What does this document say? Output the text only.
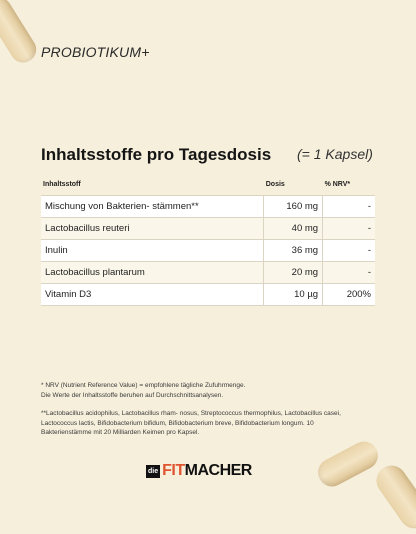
PROBIOTIKUM+
Inhaltsstoffe pro Tagesdosis (= 1 Kapsel)
Inhaltsstoff	Dosis	% NRV*
Mischung von Bakterien- stämmen**	160 mg	-
Lactobacillus reuteri	40 mg	-
Inulin	36 mg	-
Lactobacillus plantarum	20 mg	-
Vitamin D3	10 µg	200%

* NRV (Nutrient Reference Value) = empfohlene tägliche Zufuhrmenge.
Die Werte der Inhaltsstoffe beruhen auf Durchschnittsanalysen.

**Lactobacillus acidophilus, Lactobacillus rham- nosus, Streptococcus thermophilus, Lactobacillus casei, Lactococcus lactis, Bifidobacterium bifidum, Bifidobacterium breve, Bifidobacterium longum. 10 Bakterienstämme mit 20 Milliarden Keimen pro Kapsel.

die FIT MACHER
